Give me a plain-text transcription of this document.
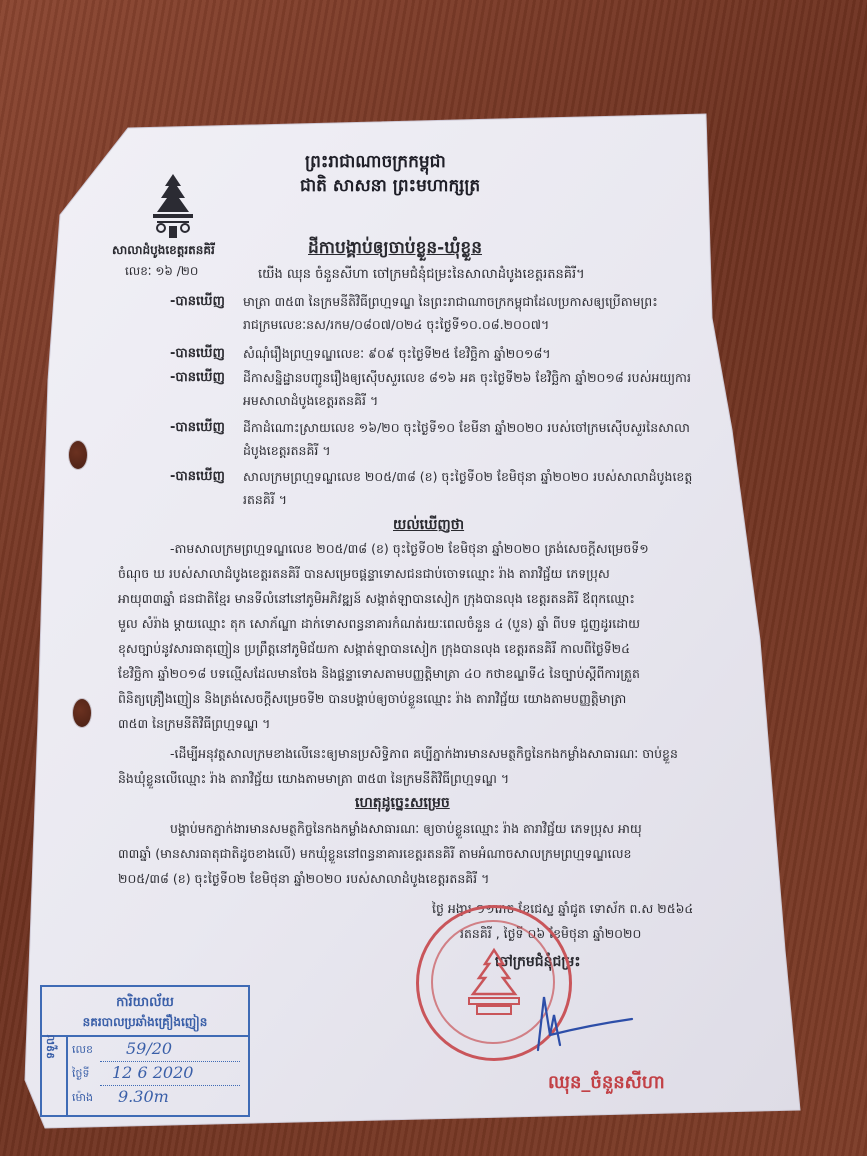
ព្រះរាជាណាចក្រកម្ពុជា
ជាតិ សាសនា ព្រះមហាក្សត្រ
សាលាដំបូងខេត្តរតនគិរី
លេខៈ ១៦ /២០
ដីកាបង្គាប់ឲ្យចាប់ខ្លួន-ឃុំខ្លួន
យើង ឈុន ចំនួនសីហា ចៅក្រមជំនុំជម្រះនៃសាលាដំបូងខេត្តរតនគិរី។
-បានឃើញ មាត្រា ៣៥៣ នៃក្រមនីតិវិធីព្រហ្មទណ្ឌ នៃព្រះរាជាណាចក្រកម្ពុជាដែលប្រកាសឲ្យប្រើតាមព្រះ
រាជក្រមលេខៈនស/រកម/០៨០៧/០២៤ ចុះថ្ងៃទី១០.០៨.២០០៧។
-បានឃើញ សំណុំរឿងព្រហ្មទណ្ឌលេខៈ ៩០៩ ចុះថ្ងៃទី២៥ ខែវិច្ឆិកា ឆ្នាំ២០១៨។
-បានឃើញ ដីកាសន្និដ្ឋានបញ្ជូនរឿងឲ្យស៊ើបសួរលេខ ៨១៦ អគ ចុះថ្ងៃទី២៦ ខែវិច្ឆិកា ឆ្នាំ២០១៨ របស់អយ្យការ
អមសាលាដំបូងខេត្តរតនគិរី ។
-បានឃើញ ដីកាដំណោះស្រាយលេខ ១៦/២០ ចុះថ្ងៃទី១០ ខែមីនា ឆ្នាំ២០២០ របស់ចៅក្រមស៊ើបសួរនៃសាលា
ដំបូងខេត្តរតនគិរី ។
-បានឃើញ សាលក្រមព្រហ្មទណ្ឌលេខ ២០៥/៣៨ (ខ) ចុះថ្ងៃទី០២ ខែមិថុនា ឆ្នាំ២០២០ របស់សាលាដំបូងខេត្ត
រតនគិរី ។
យល់ឃើញថា
-តាមសាលក្រមព្រហ្មទណ្ឌលេខ ២០៥/៣៨ (ខ) ចុះថ្ងៃទី០២ ខែមិថុនា ឆ្នាំ២០២០ ត្រង់សេចក្តីសម្រេចទី១
ចំណុច ឃ របស់សាលាដំបូងខេត្តរតនគិរី បានសម្រេចផ្តន្ទាទោសជនជាប់ចោទឈ្មោះ រ៉ាង តារាវិជ្ជ័យ ភេទប្រុស
អាយុ៣៣ឆ្នាំ ជនជាតិខ្មែរ មានទីលំនៅនៅភូមិអភិវឌ្ឍន៍ សង្កាត់ឡាបានសៀក ក្រុងបានលុង ខេត្តរតនគិរី ឪពុកឈ្មោះ
មួល សំរ៉ាង ម្តាយឈ្មោះ តុក សោភ័ណ្ឌា ដាក់ទោសពន្ធនាគារកំណត់រយៈពេលចំនួន ៤ (បួន) ឆ្នាំ ពីបទ ជួញដូរដោយ
ខុសច្បាប់នូវសារធាតុញៀន ប្រព្រឹត្តនៅភូមិជ័យកា សង្កាត់ឡាបានសៀក ក្រុងបានលុង ខេត្តរតនគិរី កាលពីថ្ងៃទី២៤
ខែវិច្ឆិកា ឆ្នាំ២០១៨ បទល្មើសដែលមានចែង និងផ្តន្ទាទោសតាមបញ្ញត្តិមាត្រា ៤០ កថាខណ្ឌទី៤ នៃច្បាប់ស្តីពីការត្រួត
ពិនិត្យគ្រឿងញៀន និងត្រង់សេចក្តីសម្រេចទី២ បានបង្គាប់ឲ្យចាប់ខ្លួនឈ្មោះ រ៉ាង តារាវិជ្ជ័យ យោងតាមបញ្ញត្តិមាត្រា
៣៥៣ នៃក្រមនីតិវិធីព្រហ្មទណ្ឌ ។
-ដើម្បីអនុវត្តសាលក្រមខាងលើនេះឲ្យមានប្រសិទ្ធិភាព គប្បីភ្នាក់ងារមានសមត្ថកិច្ចនៃកងកម្លាំងសាធារណៈ ចាប់ខ្លួន
និងឃុំខ្លួនលើឈ្មោះ រ៉ាង តារាវិជ្ជ័យ យោងតាមមាត្រា ៣៥៣ នៃក្រមនីតិវិធីព្រហ្មទណ្ឌ ។
ហេតុដូច្នេះសម្រេច
បង្គាប់មកភ្នាក់ងារមានសមត្ថកិច្ចនៃកងកម្លាំងសាធារណៈ ឲ្យចាប់ខ្លួនឈ្មោះ រ៉ាង តារាវិជ្ជ័យ ភេទប្រុស អាយុ
៣៣ឆ្នាំ (មានសារធាតុជាតិដូចខាងលើ) មកឃុំខ្លួននៅពន្ធនាគារខេត្តរតនគិរី តាមអំណាចសាលក្រមព្រហ្មទណ្ឌលេខ
២០៥/៣៨ (ខ) ចុះថ្ងៃទី០២ ខែមិថុនា ឆ្នាំ២០២០ របស់សាលាដំបូងខេត្តរតនគិរី ។
ថ្ងៃ អង្គារ ១១រោច ខែជេស្ឋ ឆ្នាំជូត ទោស័ក ព.ស ២៥៦៤
រតនគិរី , ថ្ងៃទី ០៦ ខែមិថុនា ឆ្នាំ២០២០
ចៅក្រមជំនុំជម្រះ
ឈុន_ចំនួនសីហា
ការិយាល័យ
នគរបាលប្រឆាំងគ្រឿងញៀន
ទទួល លេខ 59/20
ថ្ងៃទី 12 6 2020
ម៉ោង 9.30m
